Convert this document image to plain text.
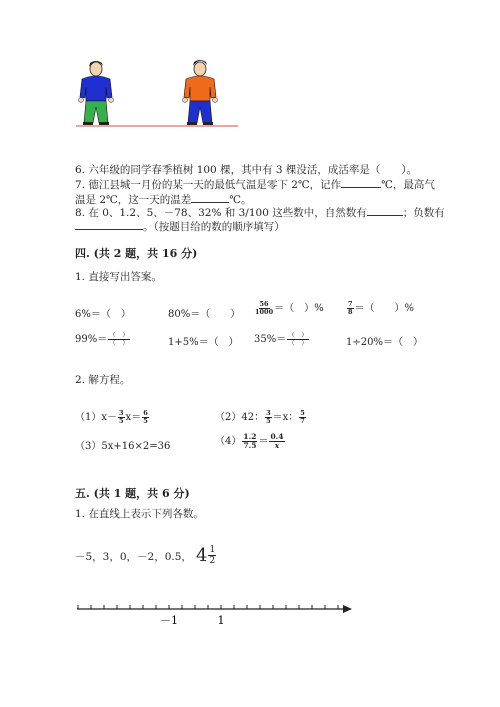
6. 六年级的同学春季植树 100 棵，其中有 3 棵没活，成活率是（　　）。
7. 德江县城一月份的某一天的最低气温是零下 2℃，记作	℃，最高气
温是 2℃，这一天的温差	℃。
8. 在 0、1.2、5、－78、32% 和 3/100 这些数中，自然数有	；负数有
。（按题目给的数的顺序填写）
四. (共 2 题，共 16 分)
1. 直接写出答案。
6%＝（　）	80%＝（　　） $\frac{56}{1000}$ ＝（　）%	$\frac{7}{8}$ ＝（　　）%
$99\%= \frac{( )}{( )}$	1+5%＝（　） $35\%= \frac{( )}{( )}$	1÷20%＝（　）
2. 解方程。
$(1)x- \frac{3}{5} x= \frac{6}{5}$	（2）42： $\frac{3}{5} =x$： $\frac{5}{7}$
（3）5x+16×2=36	$(4) \frac{1.2}{7.5} = \frac{0.4}{x}$
五. (共 1 题，共 6 分)
1. 在直线上表示下列各数。
－5，3，0，－2，0.5， $4 \frac{1}{2}$
－1	1
